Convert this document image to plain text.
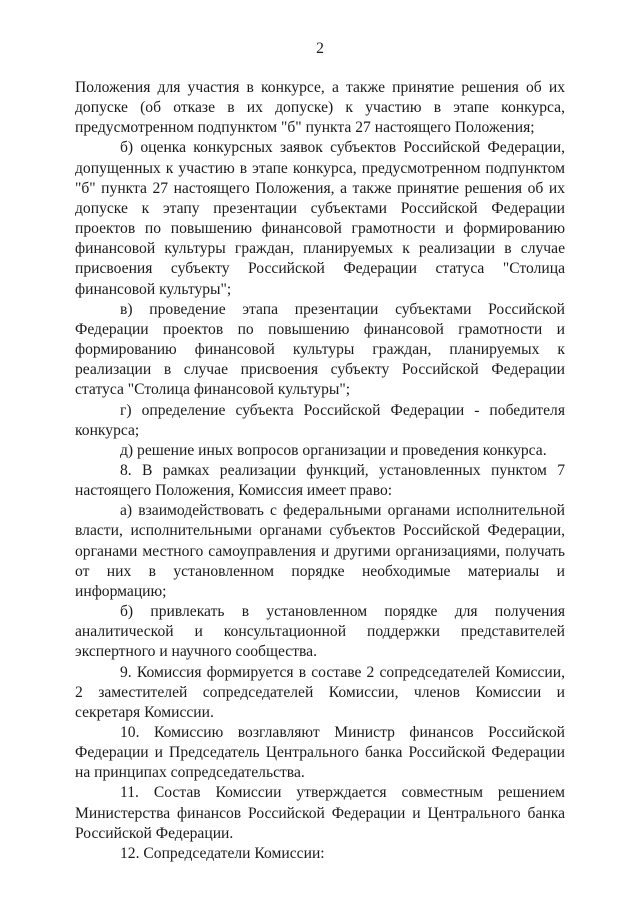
2

Положения для участия в конкурсе, а также принятие решения об их допуске (об отказе в их допуске) к участию в этапе конкурса, предусмотренном подпунктом "б" пункта 27 настоящего Положения;

б) оценка конкурсных заявок субъектов Российской Федерации, допущенных к участию в этапе конкурса, предусмотренном подпунктом "б" пункта 27 настоящего Положения, а также принятие решения об их допуске к этапу презентации субъектами Российской Федерации проектов по повышению финансовой грамотности и формированию финансовой культуры граждан, планируемых к реализации в случае присвоения субъекту Российской Федерации статуса "Столица финансовой культуры";

в) проведение этапа презентации субъектами Российской Федерации проектов по повышению финансовой грамотности и формированию финансовой культуры граждан, планируемых к реализации в случае присвоения субъекту Российской Федерации статуса "Столица финансовой культуры";

г) определение субъекта Российской Федерации - победителя конкурса;

д) решение иных вопросов организации и проведения конкурса.

8. В рамках реализации функций, установленных пунктом 7 настоящего Положения, Комиссия имеет право:

а) взаимодействовать с федеральными органами исполнительной власти, исполнительными органами субъектов Российской Федерации, органами местного самоуправления и другими организациями, получать от них в установленном порядке необходимые материалы и информацию;

б) привлекать в установленном порядке для получения аналитической и консультационной поддержки представителей экспертного и научного сообщества.

9. Комиссия формируется в составе 2 сопредседателей Комиссии, 2 заместителей сопредседателей Комиссии, членов Комиссии и секретаря Комиссии.

10. Комиссию возглавляют Министр финансов Российской Федерации и Председатель Центрального банка Российской Федерации на принципах сопредседательства.

11. Состав Комиссии утверждается совместным решением Министерства финансов Российской Федерации и Центрального банка Российской Федерации.

12. Сопредседатели Комиссии:
